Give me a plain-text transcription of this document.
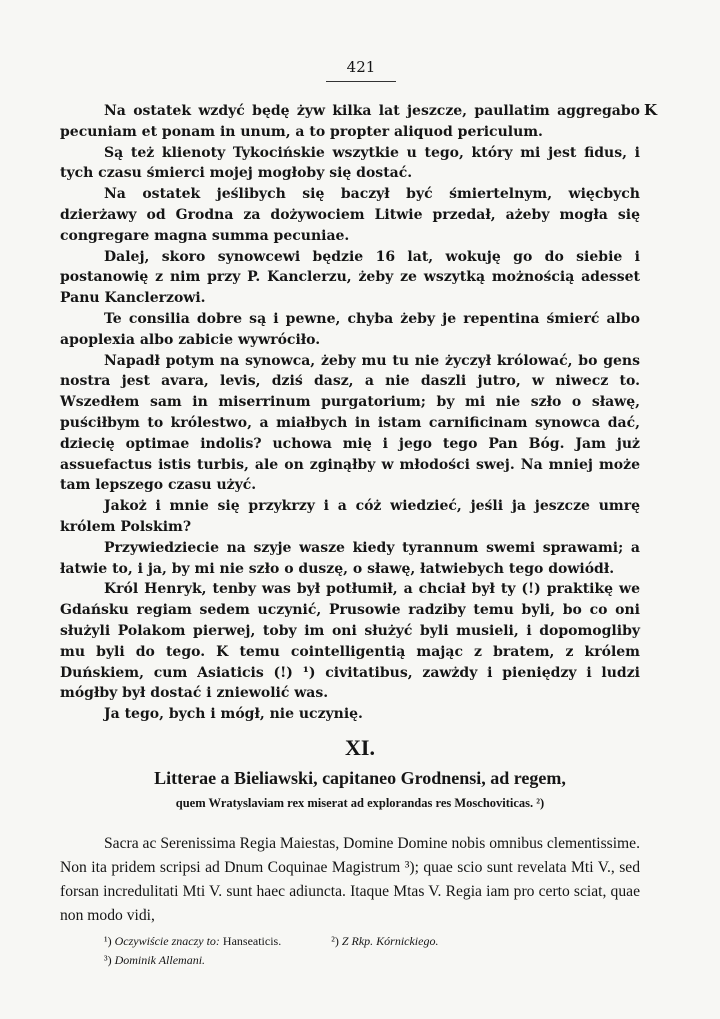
421
K

Na ostatek wzdyć będę żyw kilka lat jeszcze, paullatim aggregabo pecuniam et ponam in unum, a to propter aliquod periculum.

Są też klienoty Tykocińskie wszytkie u tego, który mi jest fidus, i tych czasu śmierci mojej mogłoby się dostać.

Na ostatek jeślibych się baczył być śmiertelnym, więcbych dzierżawy od Grodna za dożywociem Litwie przedał, ażeby mogła się congregare magna summa pecuniae.

Dalej, skoro synowcewi będzie 16 lat, wokuję go do siebie i postanowię z nim przy P. Kanclerzu, żeby ze wszytką możnością adesset Panu Kanclerzowi.

Te consilia dobre są i pewne, chyba żeby je repentina śmierć albo apoplexia albo zabicie wywróciło.

Napadł potym na synowca, żeby mu tu nie życzył królować, bo gens nostra jest avara, levis, dziś dasz, a nie daszli jutro, w niwecz to. Wszedłem sam in miserrinum purgatorium; by mi nie szło o sławę, puściłbym to królestwo, a miałbych in istam carnificinam synowca dać, dziecię optimae indolis? uchowa mię i jego tego Pan Bóg. Jam już assuefactus istis turbis, ale on zginąłby w młodości swej. Na mniej może tam lepszego czasu użyć.

Jakoż i mnie się przykrzy i a cóż wiedzieć, jeśli ja jeszcze umrę królem Polskim?

Przywiedziecie na szyje wasze kiedy tyrannum swemi sprawami; a łatwie to, i ja, by mi nie szło o duszę, o sławę, łatwiebych tego dowiódł.

Król Henryk, tenby was był potłumił, a chciał był ty (!) praktikę we Gdańsku regiam sedem uczynić, Prusowie radziby temu byli, bo co oni służyli Polakom pierwej, toby im oni służyć byli musieli, i dopomogliby mu byli do tego. K temu cointelligentią mając z bratem, z królem Duńskiem, cum Asiaticis (!) ¹) civitatibus, zawżdy i pieniędzy i ludzi mógłby był dostać i zniewolić was.

Ja tego, bych i mógł, nie uczynię.

XI.
Litterae a Bieliawski, capitaneo Grodnensi, ad regem,
quem Wratyslaviam rex miserat ad explorandas res Moschoviticas. ²)

Sacra ac Serenissima Regia Maiestas, Domine Domine nobis omnibus clementissime. Non ita pridem scripsi ad Dnum Coquinae Magistrum ³); quae scio sunt revelata Mti V., sed forsan incredulitati Mti V. sunt haec adiuncta. Itaque Mtas V. Regia iam pro certo sciat, quae non modo vidi,

¹) Oczywiście znaczy to: Hanseaticis.	²) Z Rkp. Kórnickiego.
³) Dominik Allemani.
